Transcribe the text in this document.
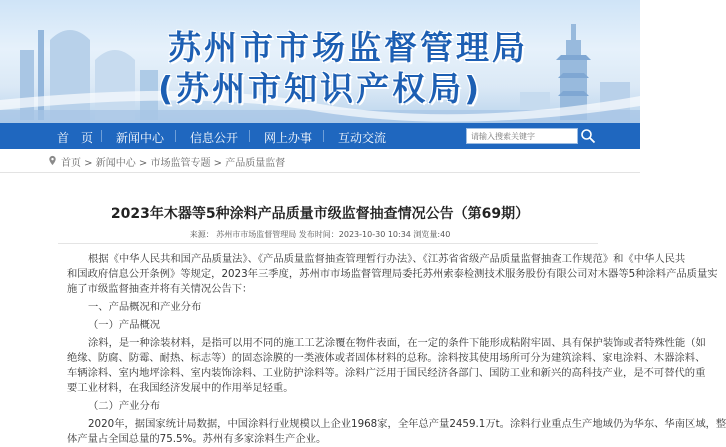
苏州市市场监督管理局
(苏州市知识产权局)
首　页 新闻中心 信息公开 网上办事 互动交流
请输入搜索关键字
首页 > 新闻中心 > 市场监管专题 > 产品质量监督
2023年木器等5种涂料产品质量市级监督抽查情况公告（第69期）
来源： 苏州市市场监督管理局 发布时间：2023-10-30 10:34 浏览量:40
根据《中华人民共和国产品质量法》、《产品质量监督抽查管理暂行办法》、《江苏省省级产品质量监督抽查工作规范》和《中华人民共
和国政府信息公开条例》等规定，2023年三季度，苏州市市场监督管理局委托苏州索泰检测技术服务股份有限公司对木器等5种涂料产品质量实
施了市级监督抽查并将有关情况公告下：
一、产品概况和产业分布
（一）产品概况
涂料，是一种涂装材料，是指可以用不同的施工工艺涂覆在物件表面，在一定的条件下能形成粘附牢固、具有保护装饰或者特殊性能（如
绝缘、防腐、防霉、耐热、标志等）的固态涂膜的一类液体或者固体材料的总称。涂料按其使用场所可分为建筑涂料、家电涂料、木器涂料、
车辆涂料、室内地坪涂料、室内装饰涂料、工业防护涂料等。涂料广泛用于国民经济各部门、国防工业和新兴的高科技产业，是不可替代的重
要工业材料，在我国经济发展中的作用举足轻重。
（二）产业分布
2020年，据国家统计局数据，中国涂料行业规模以上企业1968家，全年总产量2459.1万t。涂料行业重点生产地域仍为华东、华南区域，整
体产量占全国总量的75.5%。苏州有多家涂料生产企业。
